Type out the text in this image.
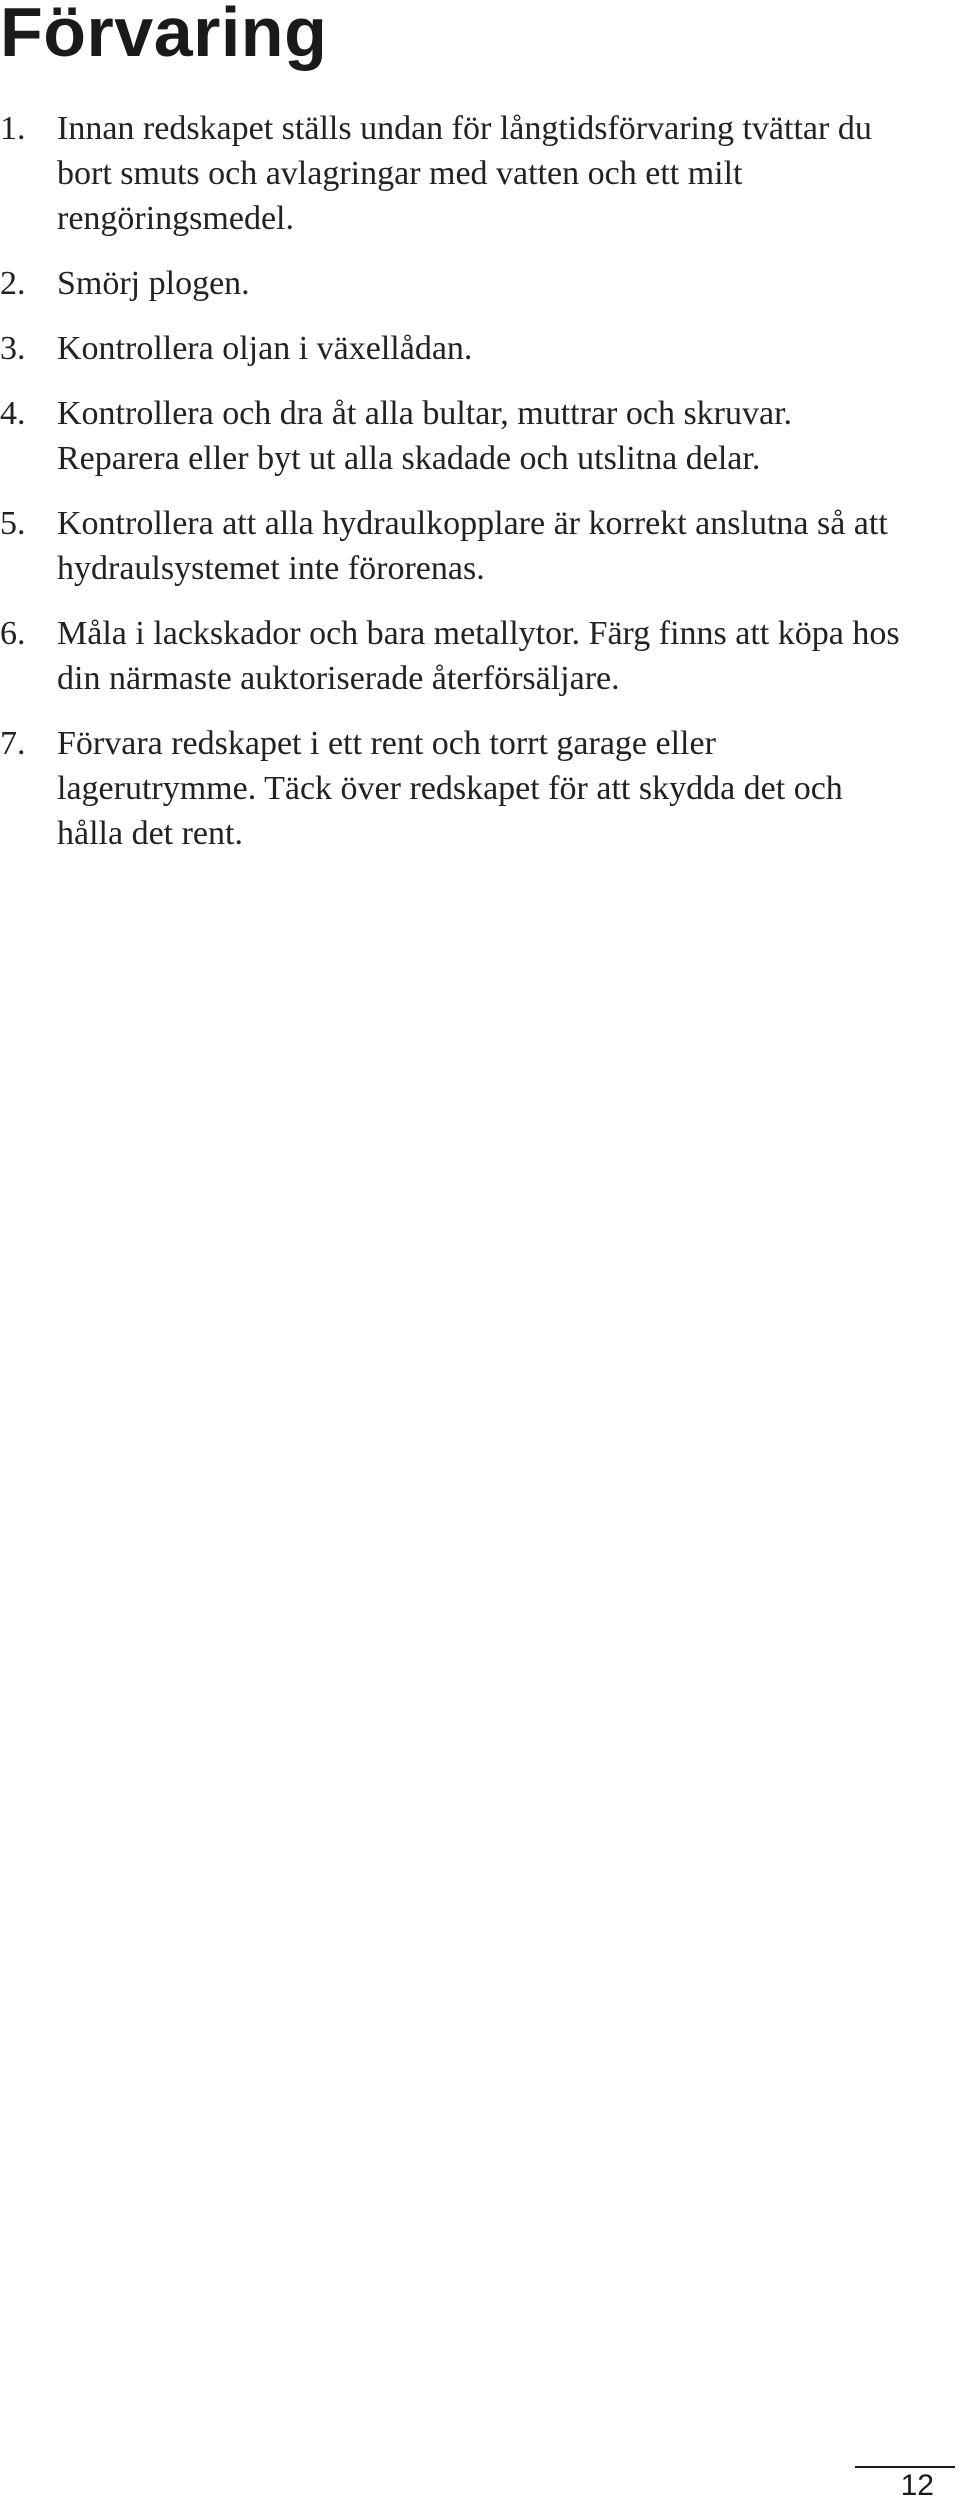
Förvaring
1. Innan redskapet ställs undan för långtidsförvaring tvättar du bort smuts och avlagringar med vatten och ett milt rengöringsmedel.
2. Smörj plogen.
3. Kontrollera oljan i växellådan.
4. Kontrollera och dra åt alla bultar, muttrar och skruvar. Reparera eller byt ut alla skadade och utslitna delar.
5. Kontrollera att alla hydraulkopplare är korrekt anslutna så att hydraulsystemet inte förorenas.
6. Måla i lackskador och bara metallytor. Färg finns att köpa hos din närmaste auktoriserade återförsäljare.
7. Förvara redskapet i ett rent och torrt garage eller lagerutrymme. Täck över redskapet för att skydda det och hålla det rent.
12
